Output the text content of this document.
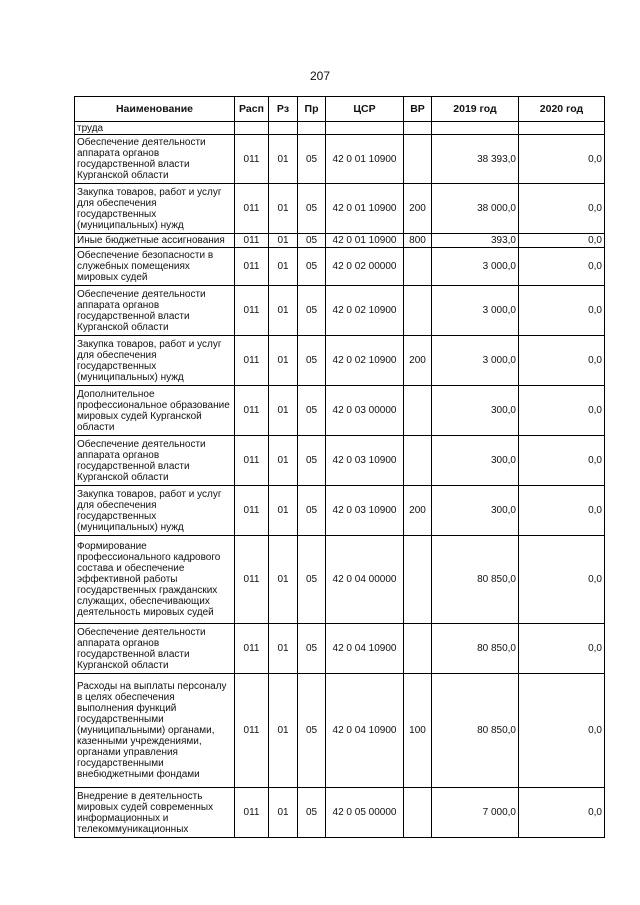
207
Наименование	Расп	Рз	Пр	ЦСР	ВР	2019 год	2020 год
труда							
Обеспечение деятельности аппарата органов государственной власти Курганской области	011	01	05	42 0 01 10900		38 393,0	0,0
Закупка товаров, работ и услуг для обеспечения государственных (муниципальных) нужд	011	01	05	42 0 01 10900	200	38 000,0	0,0
Иные бюджетные ассигнования	011	01	05	42 0 01 10900	800	393,0	0,0
Обеспечение безопасности в служебных помещениях мировых судей	011	01	05	42 0 02 00000		3 000,0	0,0
Обеспечение деятельности аппарата органов государственной власти Курганской области	011	01	05	42 0 02 10900		3 000,0	0,0
Закупка товаров, работ и услуг для обеспечения государственных (муниципальных) нужд	011	01	05	42 0 02 10900	200	3 000,0	0,0
Дополнительное профессиональное образование мировых судей Курганской области	011	01	05	42 0 03 00000		300,0	0,0
Обеспечение деятельности аппарата органов государственной власти Курганской области	011	01	05	42 0 03 10900		300,0	0,0
Закупка товаров, работ и услуг для обеспечения государственных (муниципальных) нужд	011	01	05	42 0 03 10900	200	300,0	0,0
Формирование профессионального кадрового состава и обеспечение эффективной работы государственных гражданских служащих, обеспечивающих деятельность мировых судей	011	01	05	42 0 04 00000		80 850,0	0,0
Обеспечение деятельности аппарата органов государственной власти Курганской области	011	01	05	42 0 04 10900		80 850,0	0,0
Расходы на выплаты персоналу в целях обеспечения выполнения функций государственными (муниципальными) органами, казенными учреждениями, органами управления государственными внебюджетными фондами	011	01	05	42 0 04 10900	100	80 850,0	0,0
Внедрение в деятельность мировых судей современных информационных и телекоммуникационных	011	01	05	42 0 05 00000		7 000,0	0,0
